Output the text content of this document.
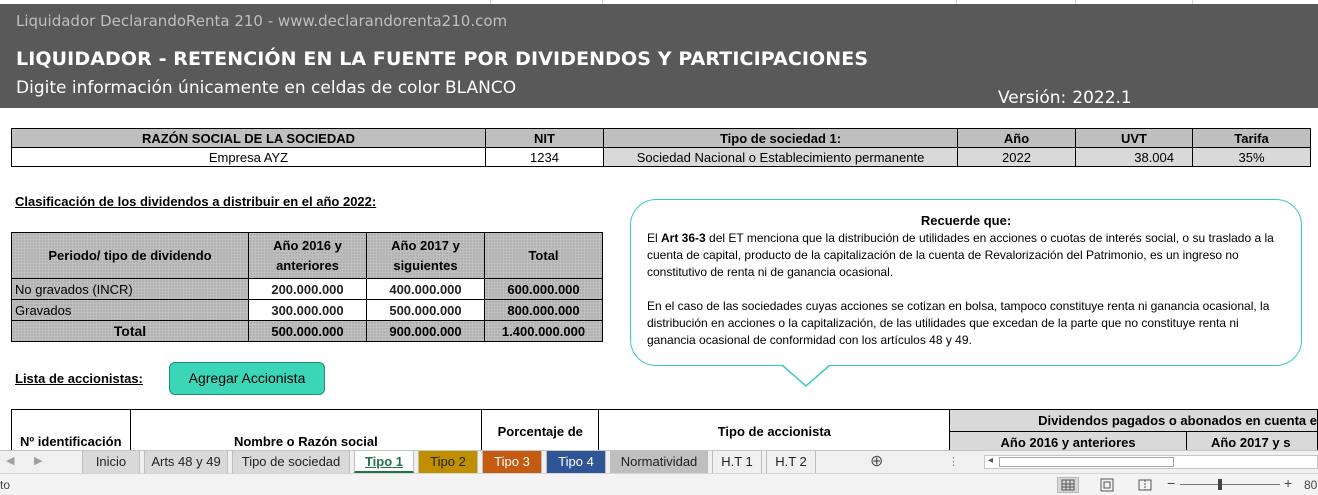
Liquidador DeclarandoRenta 210 - www.declarandorenta210.com
LIQUIDADOR - RETENCIÓN EN LA FUENTE POR DIVIDENDOS Y PARTICIPACIONES
Digite información únicamente en celdas de color BLANCO	Versión: 2022.1
RAZÓN SOCIAL DE LA SOCIEDAD	NIT	Tipo de sociedad 1:	Año	UVT	Tarifa
Empresa AYZ	1234	Sociedad Nacional o Establecimiento permanente	2022	38.004	35%
Clasificación de los dividendos a distribuir en el año 2022:
Periodo/ tipo de dividendo	Año 2016 y anteriores	Año 2017 y siguientes	Total
No gravados (INCR)	200.000.000	400.000.000	600.000.000
Gravados	300.000.000	500.000.000	800.000.000
Total	500.000.000	900.000.000	1.400.000.000
Recuerde que:

El Art 36-3 del ET menciona que la distribución de utilidades en acciones o cuotas de interés social, o su traslado a la cuenta de capital, producto de la capitalización de la cuenta de Revalorización del Patrimonio, es un ingreso no constitutivo de renta ni de ganancia ocasional.

En el caso de las sociedades cuyas acciones se cotizan en bolsa, tampoco constituye renta ni ganancia ocasional, la distribución en acciones o la capitalización, de las utilidades que excedan de la parte que no constituye renta ni ganancia ocasional de conformidad con los artículos 48 y 49.

Lista de accionistas:	Agregar Accionista
Nº identificación	Nombre o Razón social	Porcentaje de	Tipo de accionista	Dividendos pagados o abonados en cuenta e	
				Año 2016 y anteriores	Año 2017 y s
◀ ▶	Inicio	Arts 48 y 49	Tipo de sociedad	Tipo 1	Tipo 2	Tipo 3	Tipo 4	Normatividad	H.T 1	H.T 2	⊕	⋮	◂
to	−	+ 80
